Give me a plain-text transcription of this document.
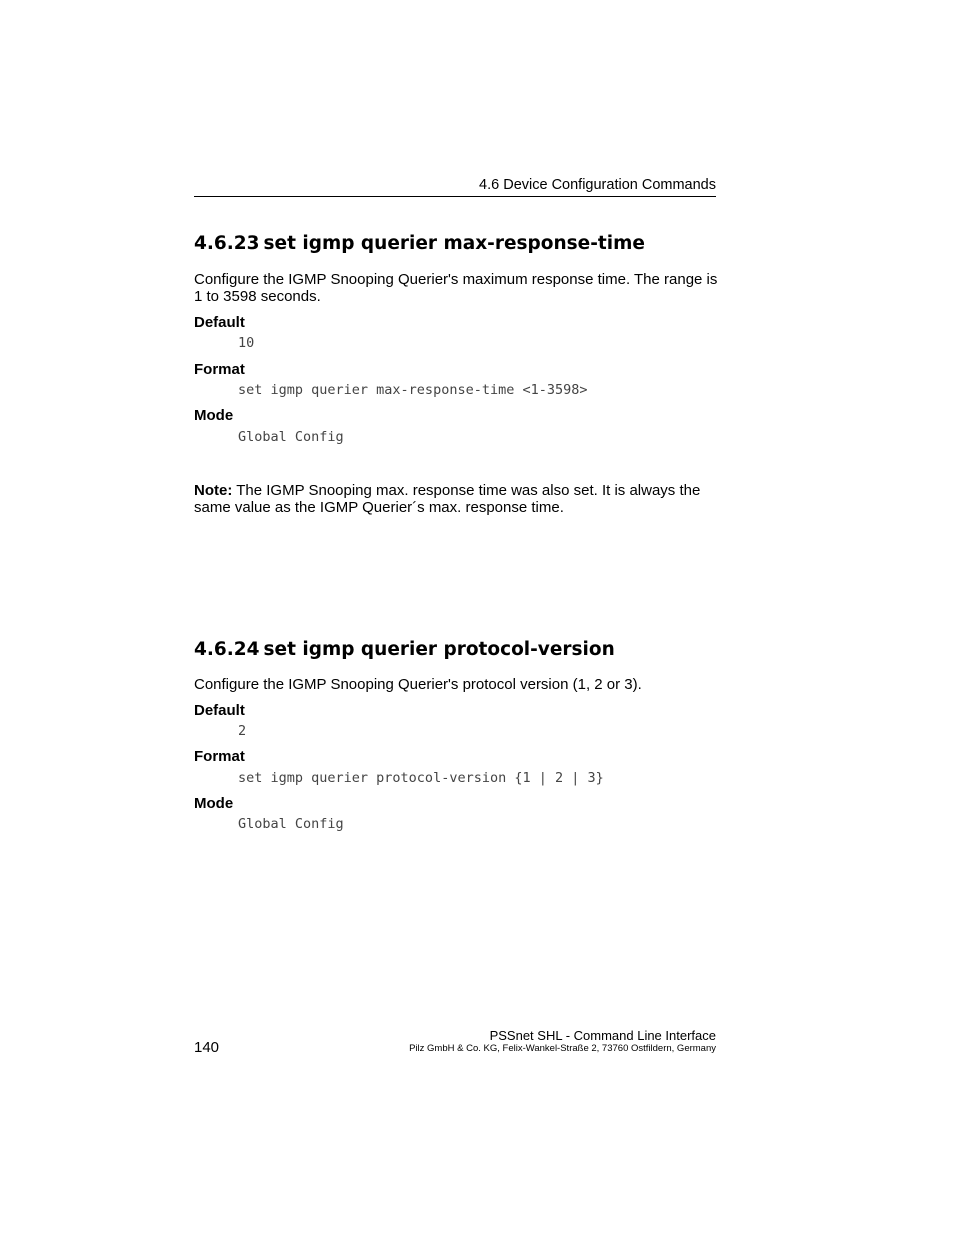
4.6 Device Configuration Commands
4.6.23 set igmp querier max-response-time
Configure the IGMP Snooping Querier's maximum response time. The range is 1 to 3598 seconds.
Default
10
Format
set igmp querier max-response-time <1-3598>
Mode
Global Config
Note: The IGMP Snooping max. response time was also set. It is always the same value as the IGMP Querier´s max. response time.
4.6.24 set igmp querier protocol-version
Configure the IGMP Snooping Querier's protocol version (1, 2 or 3).
Default
2
Format
set igmp querier protocol-version {1 | 2 | 3}
Mode
Global Config
140
PSSnet SHL - Command Line Interface
Pilz GmbH & Co. KG, Felix-Wankel-Straße 2, 73760 Ostfildern, Germany
